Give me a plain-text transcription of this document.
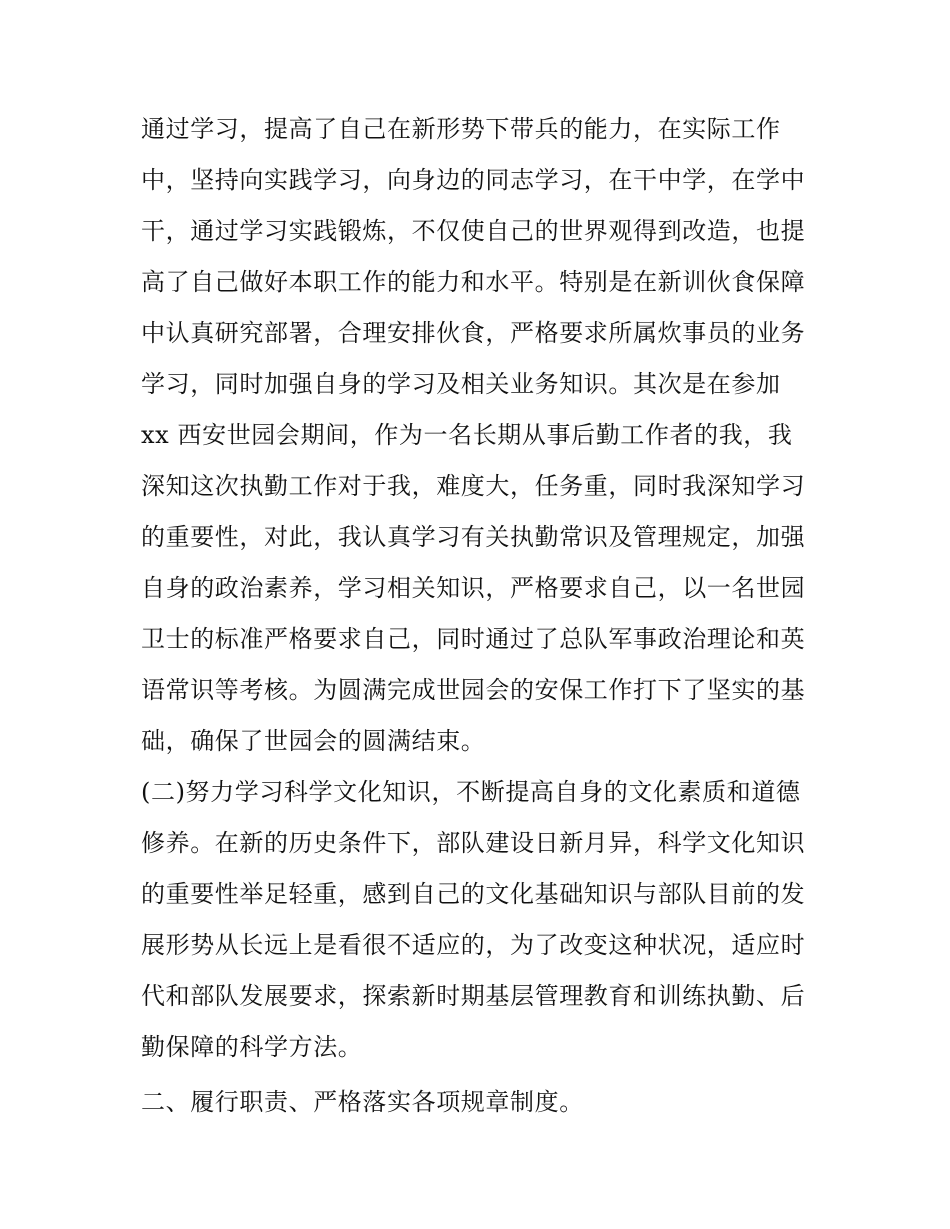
通过学习，提高了自己在新形势下带兵的能力，在实际工作
中，坚持向实践学习，向身边的同志学习，在干中学，在学中
干，通过学习实践锻炼，不仅使自己的世界观得到改造，也提
高了自己做好本职工作的能力和水平。特别是在新训伙食保障
中认真研究部署，合理安排伙食，严格要求所属炊事员的业务
学习，同时加强自身的学习及相关业务知识。其次是在参加
xx 西安世园会期间，作为一名长期从事后勤工作者的我，我
深知这次执勤工作对于我，难度大，任务重，同时我深知学习
的重要性，对此，我认真学习有关执勤常识及管理规定，加强
自身的政治素养，学习相关知识，严格要求自己，以一名世园
卫士的标准严格要求自己，同时通过了总队军事政治理论和英
语常识等考核。为圆满完成世园会的安保工作打下了坚实的基
础，确保了世园会的圆满结束。
(二)努力学习科学文化知识，不断提高自身的文化素质和道德
修养。在新的历史条件下，部队建设日新月异，科学文化知识
的重要性举足轻重，感到自己的文化基础知识与部队目前的发
展形势从长远上是看很不适应的，为了改变这种状况，适应时
代和部队发展要求，探索新时期基层管理教育和训练执勤、后
勤保障的科学方法。
二、履行职责、严格落实各项规章制度。
